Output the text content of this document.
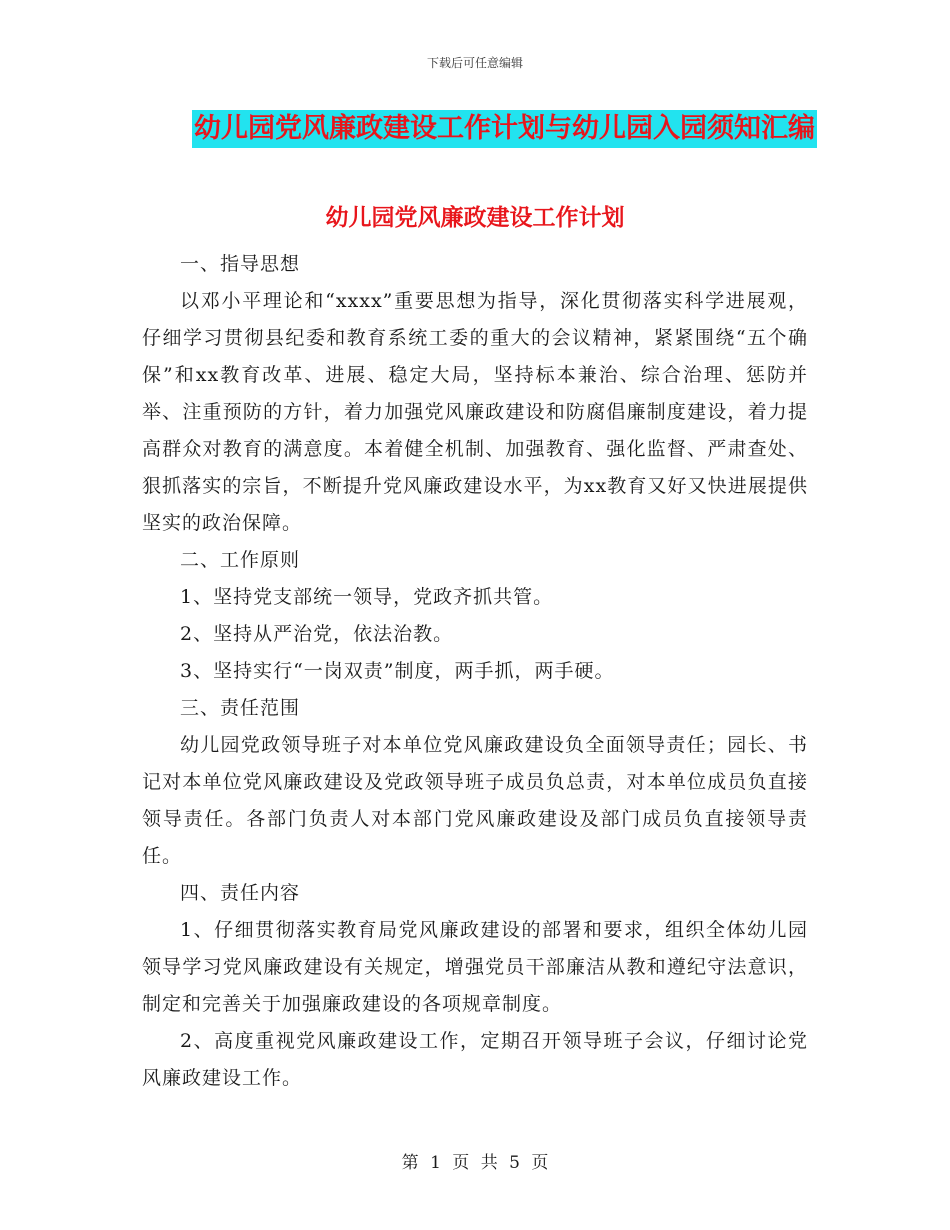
下载后可任意编辑
幼儿园党风廉政建设工作计划与幼儿园入园须知汇编
幼儿园党风廉政建设工作计划

一、指导思想

以邓小平理论和“xxxx”重要思想为指导，深化贯彻落实科学进展观，仔细学习贯彻县纪委和教育系统工委的重大的会议精神，紧紧围绕“五个确保”和xx教育改革、进展、稳定大局，坚持标本兼治、综合治理、惩防并举、注重预防的方针，着力加强党风廉政建设和防腐倡廉制度建设，着力提高群众对教育的满意度。本着健全机制、加强教育、强化监督、严肃查处、狠抓落实的宗旨，不断提升党风廉政建设水平，为xx教育又好又快进展提供坚实的政治保障。

二、工作原则

1、坚持党支部统一领导，党政齐抓共管。

2、坚持从严治党，依法治教。

3、坚持实行“一岗双责”制度，两手抓，两手硬。

三、责任范围

幼儿园党政领导班子对本单位党风廉政建设负全面领导责任；园长、书记对本单位党风廉政建设及党政领导班子成员负总责，对本单位成员负直接领导责任。各部门负责人对本部门党风廉政建设及部门成员负直接领导责任。

四、责任内容

1、仔细贯彻落实教育局党风廉政建设的部署和要求，组织全体幼儿园领导学习党风廉政建设有关规定，增强党员干部廉洁从教和遵纪守法意识，制定和完善关于加强廉政建设的各项规章制度。

2、高度重视党风廉政建设工作，定期召开领导班子会议，仔细讨论党风廉政建设工作。

第 1 页 共 5 页
